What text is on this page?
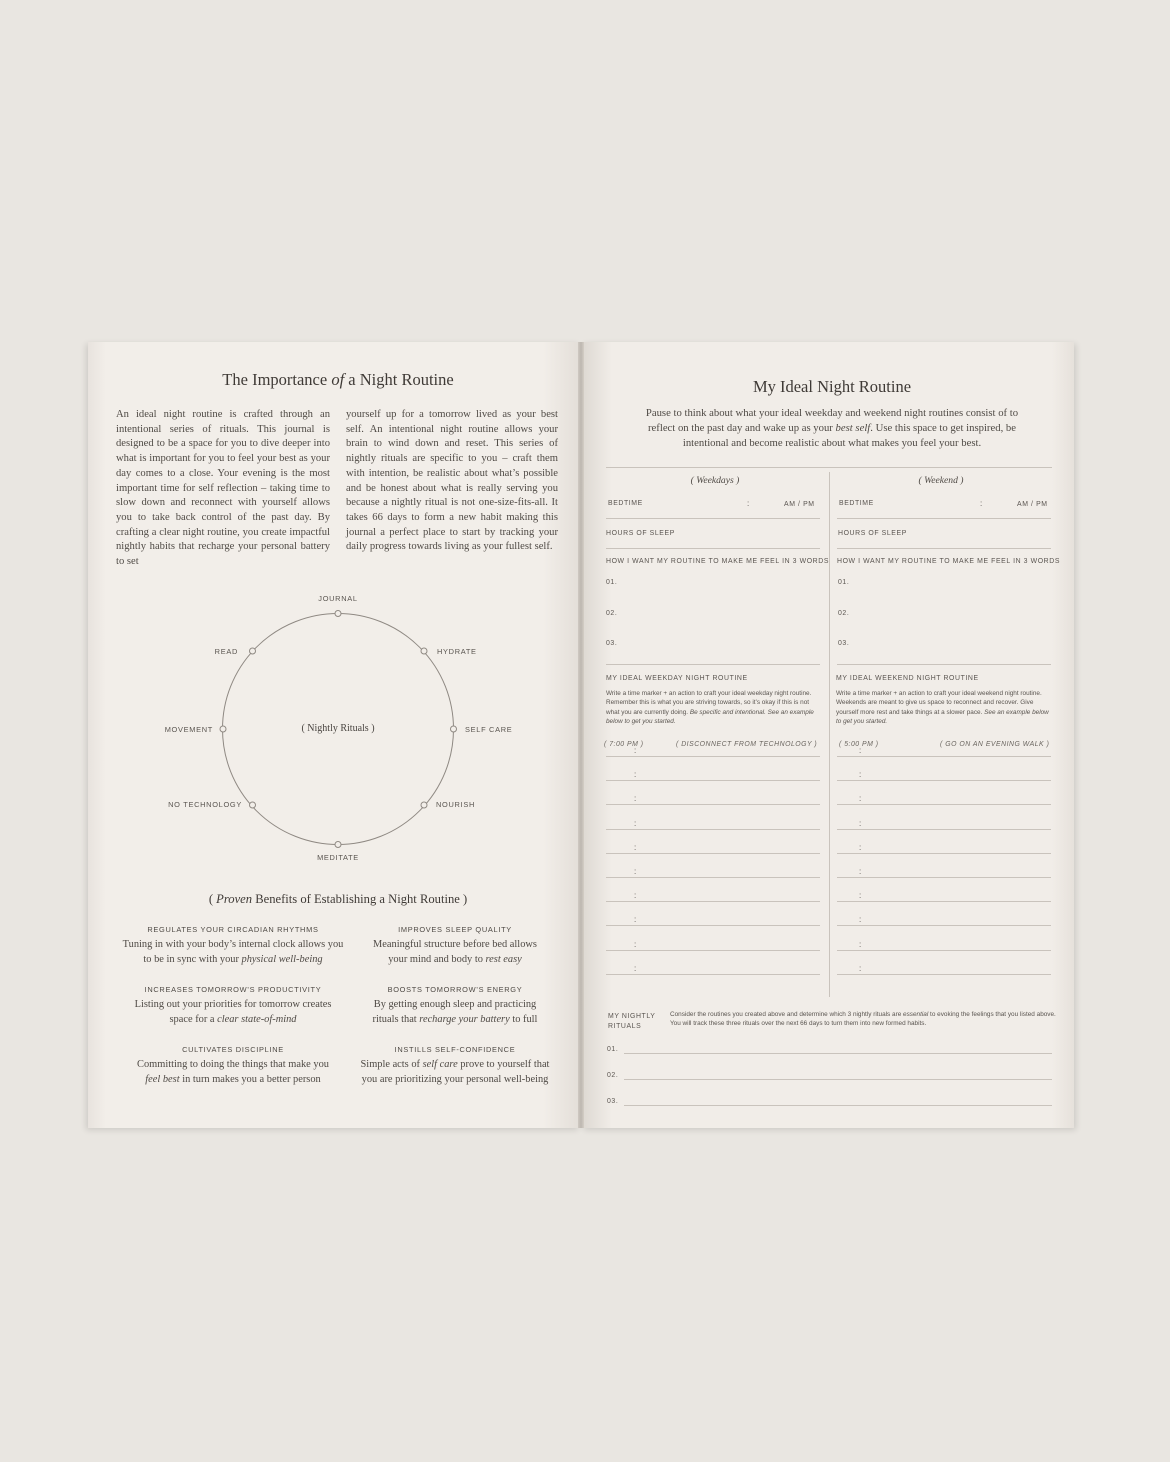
The Importance of a Night Routine
An ideal night routine is crafted through an intentional series of rituals. This journal is designed to be a space for you to dive deeper into what is important for you to feel your best as your day comes to a close. Your evening is the most important time for self reflection – taking time to slow down and reconnect with yourself allows you to take back control of the past day. By crafting a clear night routine, you create impactful nightly habits that recharge your personal battery to set
yourself up for a tomorrow lived as your best self. An intentional night routine allows your brain to wind down and reset. This series of nightly rituals are specific to you – craft them with intention, be realistic about what’s possible and be honest about what is really serving you because a nightly ritual is not one-size-fits-all. It takes 66 days to form a new habit making this journal a perfect place to start by tracking your daily progress towards living as your fullest self.
( Nightly Rituals )
JOURNAL
HYDRATE
SELF CARE
NOURISH
MEDITATE
NO TECHNOLOGY
MOVEMENT
READ
( Proven Benefits of Establishing a Night Routine )
REGULATES YOUR CIRCADIAN RHYTHMS
Tuning in with your body’s internal clock allows you
to be in sync with your physical well-being
IMPROVES SLEEP QUALITY
Meaningful structure before bed allows
your mind and body to rest easy
INCREASES TOMORROW’S PRODUCTIVITY
Listing out your priorities for tomorrow creates
space for a clear state-of-mind
BOOSTS TOMORROW’S ENERGY
By getting enough sleep and practicing
rituals that recharge your battery to full
CULTIVATES DISCIPLINE
Committing to doing the things that make you
feel best in turn makes you a better person
INSTILLS SELF-CONFIDENCE
Simple acts of self care prove to yourself that
you are prioritizing your personal well-being
My Ideal Night Routine
Pause to think about what your ideal weekday and weekend night routines consist of to
reflect on the past day and wake up as your best self. Use this space to get inspired, be
intentional and become realistic about what makes you feel your best.
( Weekdays )	( Weekend )
BEDTIME	:	AM / PM
HOURS OF SLEEP
HOW I WANT MY ROUTINE TO MAKE ME FEEL IN 3 WORDS
01.
02.
03.
MY IDEAL WEEKDAY NIGHT ROUTINE
Write a time marker + an action to craft your ideal weekday night routine. Remember this is what you are striving towards, so it’s okay if this is not what you are currently doing. Be specific and intentional. See an example below to get you started.
( 7:00 PM )	( DISCONNECT FROM TECHNOLOGY )
BEDTIME	:	AM / PM
HOURS OF SLEEP
HOW I WANT MY ROUTINE TO MAKE ME FEEL IN 3 WORDS
01.
02.
03.
MY IDEAL WEEKEND NIGHT ROUTINE
Write a time marker + an action to craft your ideal weekend night routine. Weekends are meant to give us space to reconnect and recover. Give yourself more rest and take things at a slower pace. See an example below to get you started.
( 5:00 PM )	( GO ON AN EVENING WALK )
:
:
:
:
:
:
:
:
:
:
:
:
:
:
:
:
:
:
:
:
MY NIGHTLY
RITUALS
Consider the routines you created above and determine which 3 nightly rituals are essential to evoking the feelings that you listed above. You will track these three rituals over the next 66 days to turn them into new formed habits.
01.
02.
03.
